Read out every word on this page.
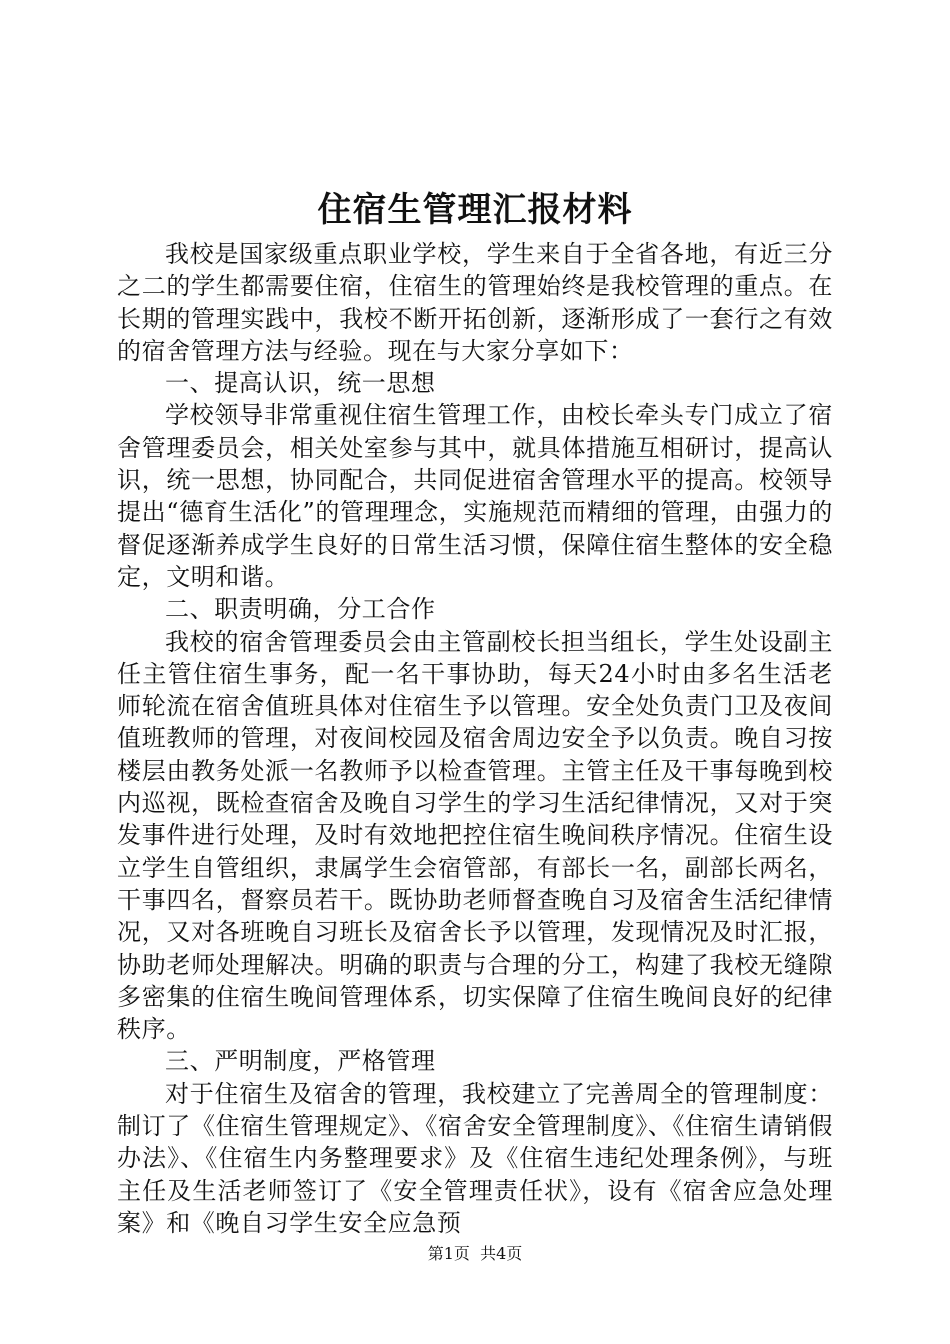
住宿生管理汇报材料

我校是国家级重点职业学校，学生来自于全省各地，有近三分之二的学生都需要住宿，住宿生的管理始终是我校管理的重点。在长期的管理实践中，我校不断开拓创新，逐渐形成了一套行之有效的宿舍管理方法与经验。现在与大家分享如下：

一、提高认识，统一思想

学校领导非常重视住宿生管理工作，由校长牵头专门成立了宿舍管理委员会，相关处室参与其中，就具体措施互相研讨，提高认识，统一思想，协同配合，共同促进宿舍管理水平的提高。校领导提出“德育生活化”的管理理念，实施规范而精细的管理，由强力的督促逐渐养成学生良好的日常生活习惯，保障住宿生整体的安全稳定，文明和谐。

二、职责明确，分工合作

我校的宿舍管理委员会由主管副校长担当组长，学生处设副主任主管住宿生事务，配一名干事协助，每天24小时由多名生活老师轮流在宿舍值班具体对住宿生予以管理。安全处负责门卫及夜间值班教师的管理，对夜间校园及宿舍周边安全予以负责。晚自习按楼层由教务处派一名教师予以检查管理。主管主任及干事每晚到校内巡视，既检查宿舍及晚自习学生的学习生活纪律情况，又对于突发事件进行处理，及时有效地把控住宿生晚间秩序情况。住宿生设立学生自管组织，隶属学生会宿管部，有部长一名，副部长两名，干事四名，督察员若干。既协助老师督查晚自习及宿舍生活纪律情况，又对各班晚自习班长及宿舍长予以管理，发现情况及时汇报，协助老师处理解决。明确的职责与合理的分工，构建了我校无缝隙多密集的住宿生晚间管理体系，切实保障了住宿生晚间良好的纪律秩序。

三、严明制度，严格管理

对于住宿生及宿舍的管理，我校建立了完善周全的管理制度：制订了《住宿生管理规定》、《宿舍安全管理制度》、《住宿生请销假办法》、《住宿生内务整理要求》及《住宿生违纪处理条例》，与班主任及生活老师签订了《安全管理责任状》，设有《宿舍应急处理案》和《晚自习学生安全应急预

第1页 共4页
